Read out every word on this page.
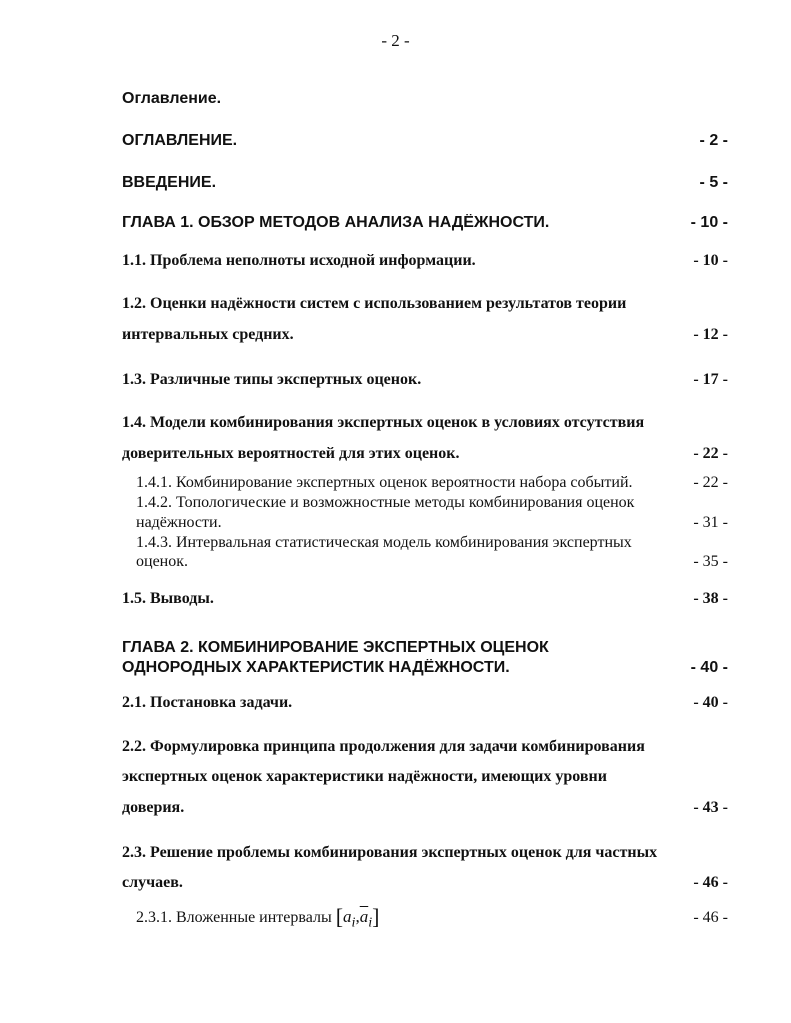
- 2 -
Оглавление.
ОГЛАВЛЕНИЕ.	- 2 -
ВВЕДЕНИЕ.	- 5 -
ГЛАВА 1. ОБЗОР МЕТОДОВ АНАЛИЗА НАДЁЖНОСТИ.	- 10 -
1.1. Проблема неполноты исходной информации.	- 10 -
1.2. Оценки надёжности систем с использованием результатов теории
интервальных средних.	- 12 -
1.3. Различные типы экспертных оценок.	- 17 -
1.4. Модели комбинирования экспертных оценок в условиях отсутствия
доверительных вероятностей для этих оценок.	- 22 -
1.4.1. Комбинирование экспертных оценок вероятности набора событий.	- 22 -
1.4.2. Топологические и возможностные методы комбинирования оценок
надёжности.	- 31 -
1.4.3. Интервальная статистическая модель комбинирования экспертных
оценок.	- 35 -
1.5. Выводы.	- 38 -
ГЛАВА 2. КОМБИНИРОВАНИЕ ЭКСПЕРТНЫХ ОЦЕНОК
ОДНОРОДНЫХ ХАРАКТЕРИСТИК НАДЁЖНОСТИ.	- 40 -
2.1. Постановка задачи.	- 40 -
2.2. Формулировка принципа продолжения для задачи комбинирования
экспертных оценок характеристики надёжности, имеющих уровни
доверия.	- 43 -
2.3. Решение проблемы комбинирования экспертных оценок для частных
случаев.	- 46 -
2.3.1. Вложенные интервалы $[a_i,\overline{a}_i]$	- 46 -
